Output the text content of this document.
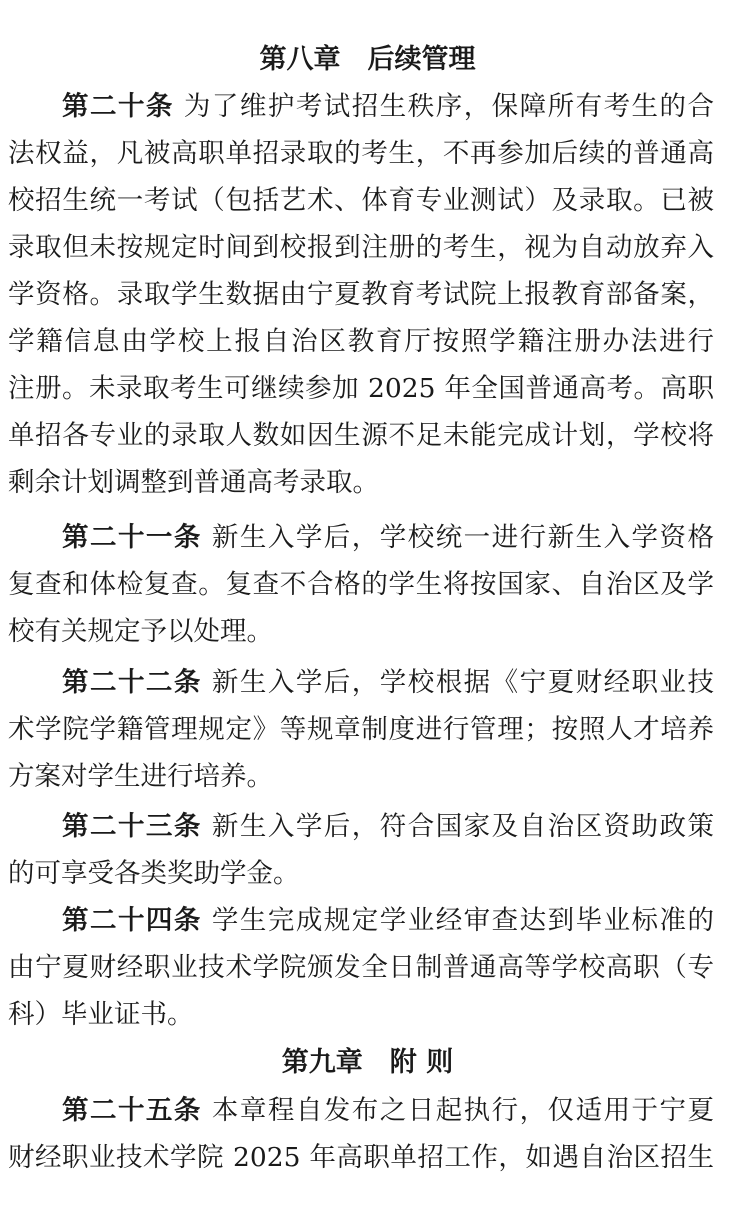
第八章　后续管理
第二十条 为了维护考试招生秩序，保障所有考生的合
法权益，凡被高职单招录取的考生，不再参加后续的普通高
校招生统一考试（包括艺术、体育专业测试）及录取。已被
录取但未按规定时间到校报到注册的考生，视为自动放弃入
学资格。录取学生数据由宁夏教育考试院上报教育部备案，
学籍信息由学校上报自治区教育厅按照学籍注册办法进行
注册。未录取考生可继续参加 2025 年全国普通高考。高职
单招各专业的录取人数如因生源不足未能完成计划，学校将
剩余计划调整到普通高考录取。
第二十一条 新生入学后，学校统一进行新生入学资格
复查和体检复查。复查不合格的学生将按国家、自治区及学
校有关规定予以处理。
第二十二条 新生入学后，学校根据《宁夏财经职业技
术学院学籍管理规定》等规章制度进行管理；按照人才培养
方案对学生进行培养。
第二十三条 新生入学后，符合国家及自治区资助政策
的可享受各类奖助学金。
第二十四条 学生完成规定学业经审查达到毕业标准的
由宁夏财经职业技术学院颁发全日制普通高等学校高职（专
科）毕业证书。
第九章　附 则
第二十五条 本章程自发布之日起执行，仅适用于宁夏
财经职业技术学院 2025 年高职单招工作，如遇自治区招生
